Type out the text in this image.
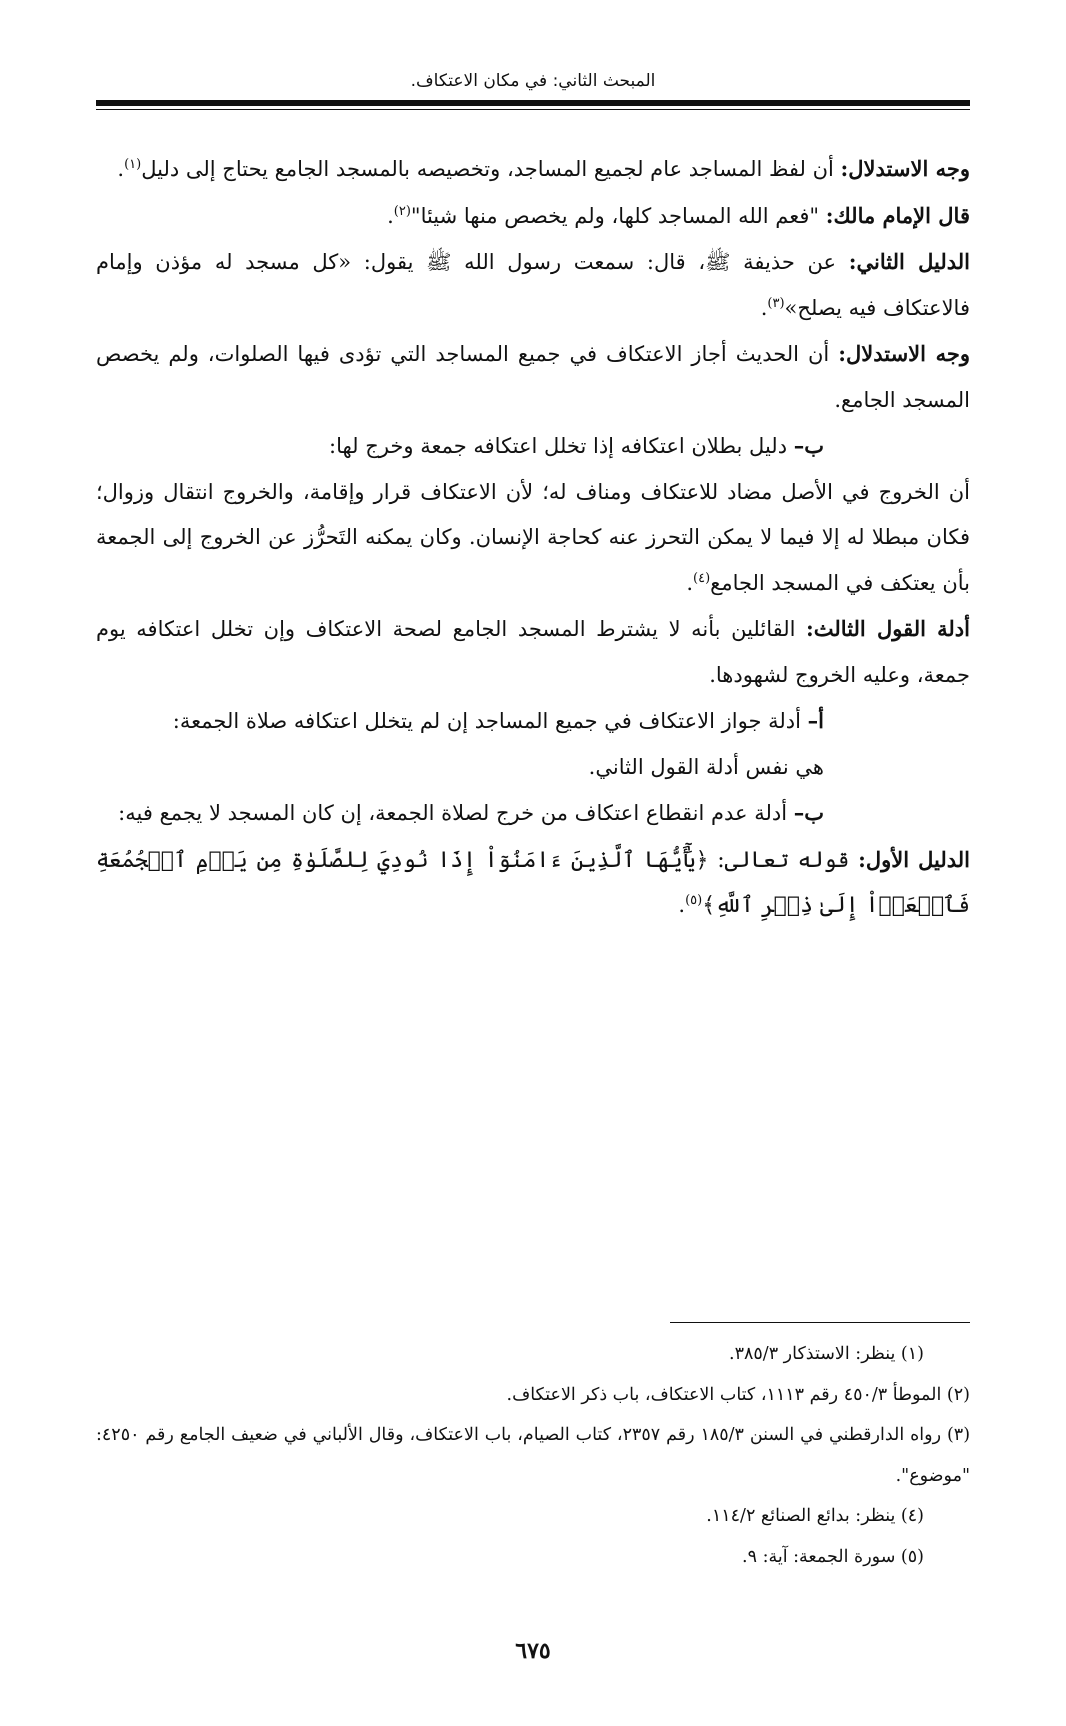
المبحث الثاني: في مكان الاعتكاف.

وجه الاستدلال: أن لفظ المساجد عام لجميع المساجد، وتخصيصه بالمسجد الجامع يحتاج إلى دليل$^{(١)}$.

قال الإمام مالك: "فعم الله المساجد كلها، ولم يخصص منها شيئا"$^{(٢)}$.

الدليل الثاني: عن حذيفة ﷺ، قال: سمعت رسول الله ﷺ يقول: «كل مسجد له مؤذن وإمام فالاعتكاف فيه يصلح»$^{(٣)}$.

وجه الاستدلال: أن الحديث أجاز الاعتكاف في جميع المساجد التي تؤدى فيها الصلوات، ولم يخصص المسجد الجامع.

ب– دليل بطلان اعتكافه إذا تخلل اعتكافه جمعة وخرج لها:

أن الخروج في الأصل مضاد للاعتكاف ومناف له؛ لأن الاعتكاف قرار وإقامة، والخروج انتقال وزوال؛ فكان مبطلا له إلا فيما لا يمكن التحرز عنه كحاجة الإنسان. وكان يمكنه التَحرُّز عن الخروج إلى الجمعة بأن يعتكف في المسجد الجامع$^{(٤)}$.

أدلة القول الثالث: القائلين بأنه لا يشترط المسجد الجامع لصحة الاعتكاف وإن تخلل اعتكافه يوم جمعة، وعليه الخروج لشهودها.

أ– أدلة جواز الاعتكاف في جميع المساجد إن لم يتخلل اعتكافه صلاة الجمعة:

هي نفس أدلة القول الثاني.

ب– أدلة عدم انقطاع اعتكاف من خرج لصلاة الجمعة، إن كان المسجد لا يجمع فيه:

الدليل الأول: قوله تعالى: ﴿يَٰٓأَيُّهَا ٱلَّذِينَ ءَامَنُوٓاْ إِذَا نُودِيَ لِلصَّلَوٰةِ مِن يَوۡمِ ٱلۡجُمُعَةِ فَٱسۡعَوۡاْ إِلَىٰ ذِكۡرِ ٱللَّهِ﴾$^{(٥)}$.

(١) ينظر: الاستذكار ٣٨٥/٣.

(٢) الموطأ ٤٥٠/٣ رقم ١١١٣، كتاب الاعتكاف، باب ذكر الاعتكاف.

(٣) رواه الدارقطني في السنن ١٨٥/٣ رقم ٢٣٥٧، كتاب الصيام، باب الاعتكاف، وقال الألباني في ضعيف الجامع رقم ٤٢٥٠: "موضوع".

(٤) ينظر: بدائع الصنائع ١١٤/٢.

(٥) سورة الجمعة: آية: ٩.

٦٧٥
